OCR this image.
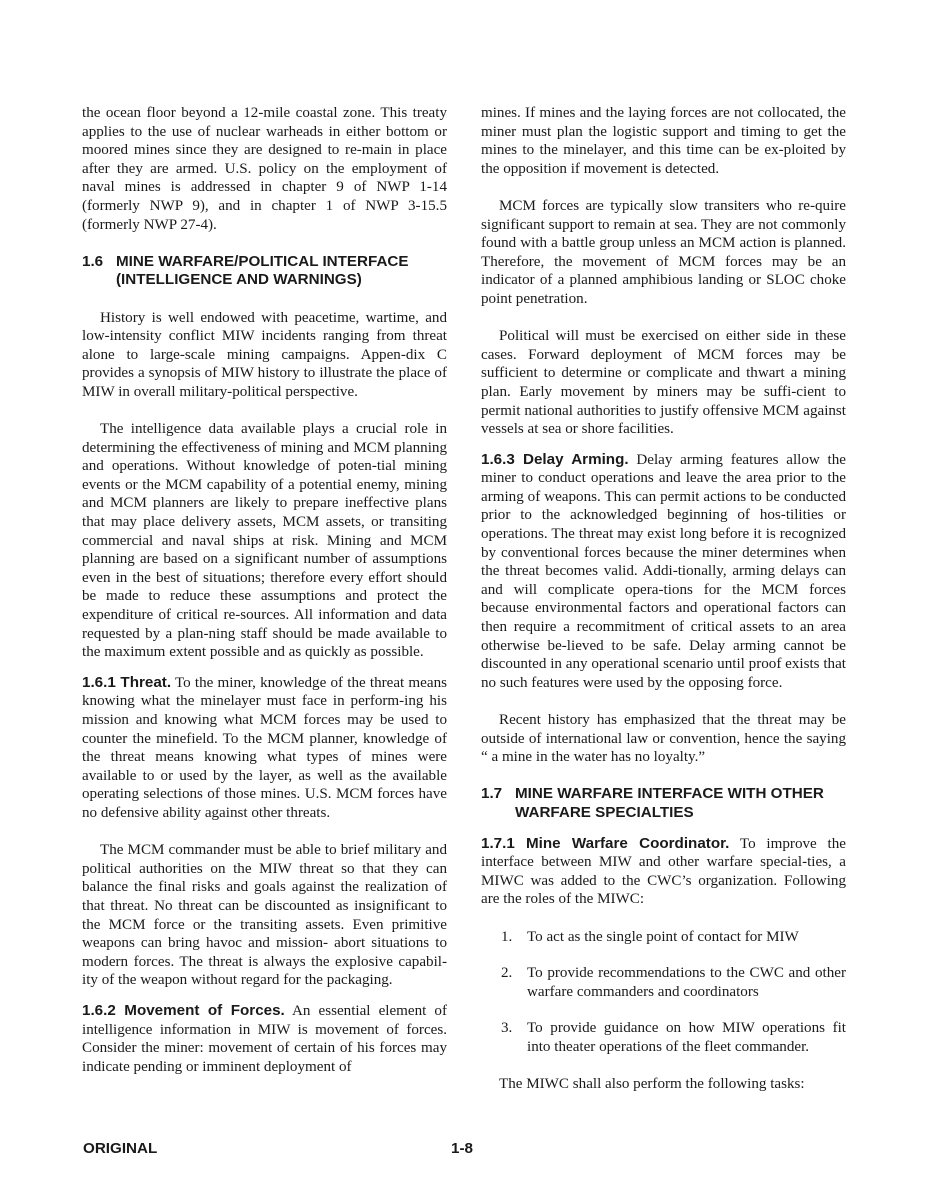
the ocean floor beyond a 12-mile coastal zone. This treaty applies to the use of nuclear warheads in either bottom or moored mines since they are designed to re-main in place after they are armed. U.S. policy on the employment of naval mines is addressed in chapter 9 of NWP 1-14 (formerly NWP 9), and in chapter 1 of NWP 3-15.5 (formerly NWP 27-4).

1.6 MINE WARFARE/POLITICAL INTERFACE (INTELLIGENCE AND WARNINGS)

History is well endowed with peacetime, wartime, and low-intensity conflict MIW incidents ranging from threat alone to large-scale mining campaigns. Appen-dix C provides a synopsis of MIW history to illustrate the place of MIW in overall military-political perspective.

The intelligence data available plays a crucial role in determining the effectiveness of mining and MCM planning and operations. Without knowledge of poten-tial mining events or the MCM capability of a potential enemy, mining and MCM planners are likely to prepare ineffective plans that may place delivery assets, MCM assets, or transiting commercial and naval ships at risk. Mining and MCM planning are based on a significant number of assumptions even in the best of situations; therefore every effort should be made to reduce these assumptions and protect the expenditure of critical re-sources. All information and data requested by a plan-ning staff should be made available to the maximum extent possible and as quickly as possible.

1.6.1 Threat. To the miner, knowledge of the threat means knowing what the minelayer must face in perform-ing his mission and knowing what MCM forces may be used to counter the minefield. To the MCM planner, knowledge of the threat means knowing what types of mines were available to or used by the layer, as well as the available operating selections of those mines. U.S. MCM forces have no defensive ability against other threats.

The MCM commander must be able to brief military and political authorities on the MIW threat so that they can balance the final risks and goals against the realization of that threat. No threat can be discounted as insignificant to the MCM force or the transiting assets. Even primitive weapons can bring havoc and mission- abort situations to modern forces. The threat is always the explosive capabil-ity of the weapon without regard for the packaging.

1.6.2 Movement of Forces. An essential element of intelligence information in MIW is movement of forces. Consider the miner: movement of certain of his forces may indicate pending or imminent deployment of

mines. If mines and the laying forces are not collocated, the miner must plan the logistic support and timing to get the mines to the minelayer, and this time can be ex-ploited by the opposition if movement is detected.

MCM forces are typically slow transiters who re-quire significant support to remain at sea. They are not commonly found with a battle group unless an MCM action is planned. Therefore, the movement of MCM forces may be an indicator of a planned amphibious landing or SLOC choke point penetration.

Political will must be exercised on either side in these cases. Forward deployment of MCM forces may be sufficient to determine or complicate and thwart a mining plan. Early movement by miners may be suffi-cient to permit national authorities to justify offensive MCM against vessels at sea or shore facilities.

1.6.3 Delay Arming. Delay arming features allow the miner to conduct operations and leave the area prior to the arming of weapons. This can permit actions to be conducted prior to the acknowledged beginning of hos-tilities or operations. The threat may exist long before it is recognized by conventional forces because the miner determines when the threat becomes valid. Addi-tionally, arming delays can and will complicate opera-tions for the MCM forces because environmental factors and operational factors can then require a recommitment of critical assets to an area otherwise be-lieved to be safe. Delay arming cannot be discounted in any operational scenario until proof exists that no such features were used by the opposing force.

Recent history has emphasized that the threat may be outside of international law or convention, hence the saying “ a mine in the water has no loyalty.”

1.7 MINE WARFARE INTERFACE WITH OTHER WARFARE SPECIALTIES

1.7.1 Mine Warfare Coordinator. To improve the interface between MIW and other warfare special-ties, a MIWC was added to the CWC’s organization. Following are the roles of the MIWC:

1. To act as the single point of contact for MIW
2. To provide recommendations to the CWC and other warfare commanders and coordinators
3. To provide guidance on how MIW operations fit into theater operations of the fleet commander.

The MIWC shall also perform the following tasks:

ORIGINAL	1-8
